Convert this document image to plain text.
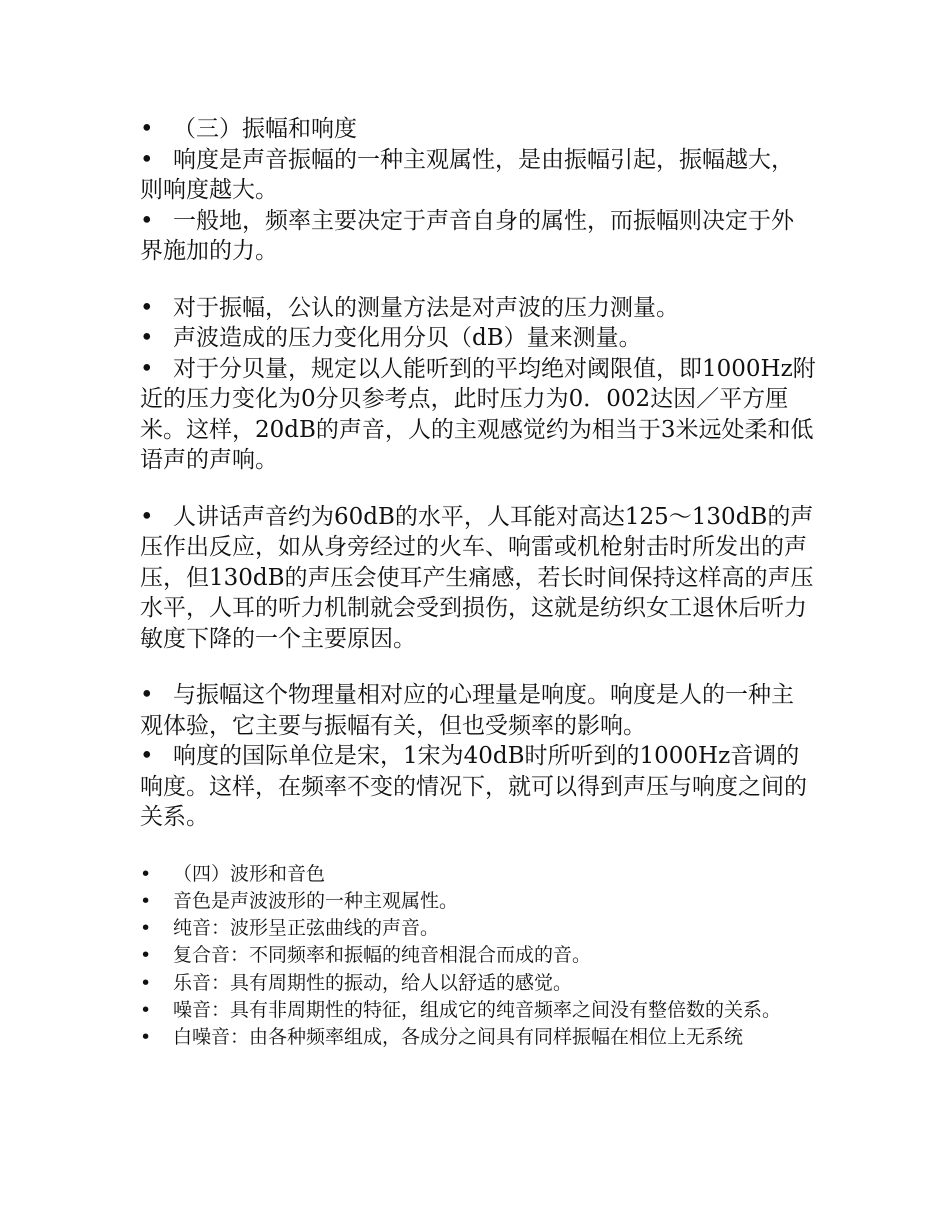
• （三）振幅和响度

• 响度是声音振幅的一种主观属性，是由振幅引起，振幅越大，则响度越大。

• 一般地，频率主要决定于声音自身的属性，而振幅则决定于外界施加的力。

• 对于振幅，公认的测量方法是对声波的压力测量。

• 声波造成的压力变化用分贝（dB）量来测量。

• 对于分贝量，规定以人能听到的平均绝对阈限值，即1000Hz附近的压力变化为0分贝参考点，此时压力为0．002达因／平方厘米。这样，20dB的声音，人的主观感觉约为相当于3米远处柔和低语声的声响。

• 人讲话声音约为60dB的水平，人耳能对高达125～130dB的声压作出反应，如从身旁经过的火车、响雷或机枪射击时所发出的声压，但130dB的声压会使耳产生痛感，若长时间保持这样高的声压水平，人耳的听力机制就会受到损伤，这就是纺织女工退休后听力敏度下降的一个主要原因。

• 与振幅这个物理量相对应的心理量是响度。响度是人的一种主观体验，它主要与振幅有关，但也受频率的影响。

• 响度的国际单位是宋，1宋为40dB时所听到的1000Hz音调的响度。这样，在频率不变的情况下，就可以得到声压与响度之间的关系。

• （四）波形和音色

• 音色是声波波形的一种主观属性。

• 纯音：波形呈正弦曲线的声音。

• 复合音：不同频率和振幅的纯音相混合而成的音。

• 乐音：具有周期性的振动，给人以舒适的感觉。

• 噪音：具有非周期性的特征，组成它的纯音频率之间没有整倍数的关系。

• 白噪音：由各种频率组成，各成分之间具有同样振幅在相位上无系统
